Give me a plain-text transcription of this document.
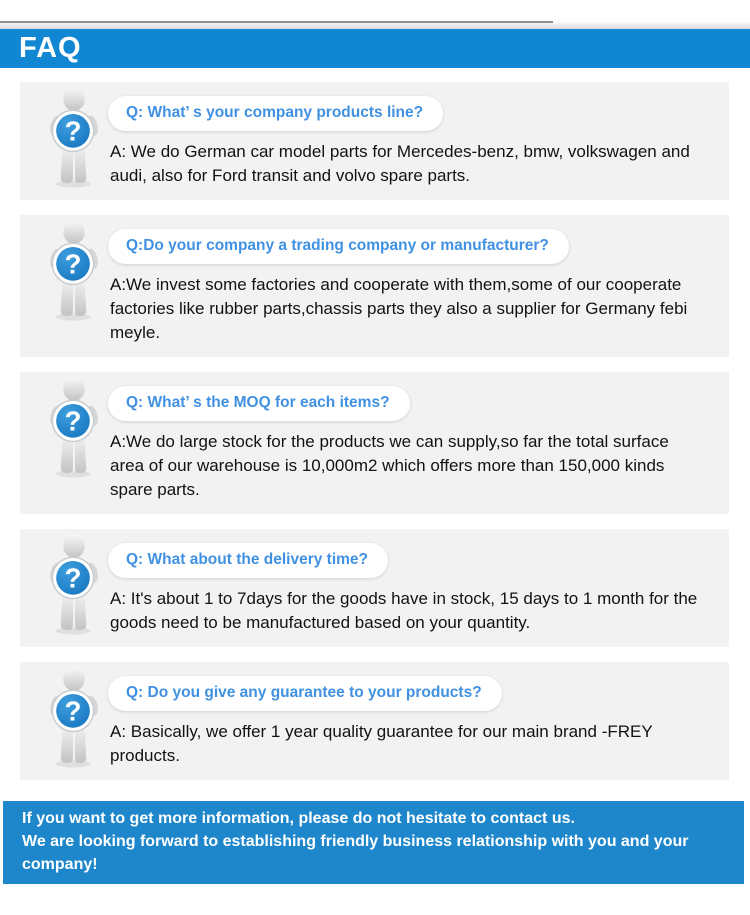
FAQ
Q: What’ s your company products line?

A: We do German car model parts for Mercedes-benz, bmw, volkswagen and audi, also for Ford transit and volvo spare parts.

Q:Do your company a trading company or manufacturer?

A:We invest some factories and cooperate with them,some of our cooperate factories like rubber parts,chassis parts they also a supplier for Germany febi meyle.

Q: What’ s the MOQ for each items?

A:We do large stock for the products we can supply,so far the total surface area of our warehouse is 10,000m2 which offers more than 150,000 kinds spare parts.

Q: What about the delivery time?

A: It's about 1 to 7days for the goods have in stock, 15 days to 1 month for the goods need to be manufactured based on your quantity.

Q: Do you give any guarantee to your products?

A: Basically, we offer 1 year quality guarantee for our main brand -FREY products.

If you want to get more information, please do not hesitate to contact us.
We are looking forward to establishing friendly business relationship with you and your company!
